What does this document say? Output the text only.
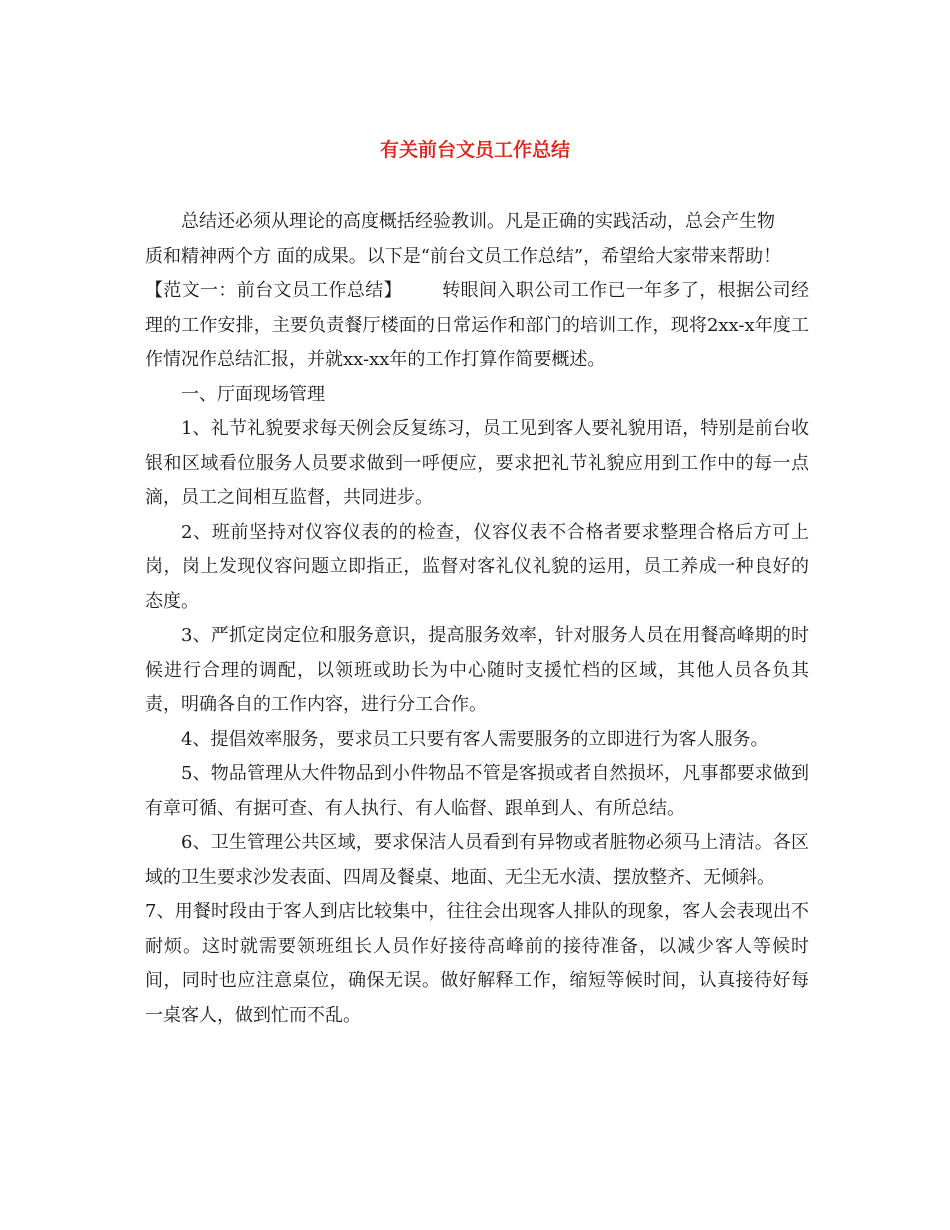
有关前台文员工作总结

总结还必须从理论的高度概括经验教训。凡是正确的实践活动，总会产生物

质和精神两个方 面的成果。以下是“前台文员工作总结”，希望给大家带来帮助！

【范文一：前台文员工作总结】 转眼间入职公司工作已一年多了，根据公司经理的工作安排，主要负责餐厅楼面的日常运作和部门的培训工作，现将2xx-x年度工作情况作总结汇报，并就xx-xx年的工作打算作简要概述。

一、厅面现场管理

1、礼节礼貌要求每天例会反复练习，员工见到客人要礼貌用语，特别是前台收银和区域看位服务人员要求做到一呼便应，要求把礼节礼貌应用到工作中的每一点滴，员工之间相互监督，共同进步。

2、班前坚持对仪容仪表的的检查，仪容仪表不合格者要求整理合格后方可上岗，岗上发现仪容问题立即指正，监督对客礼仪礼貌的运用，员工养成一种良好的态度。

3、严抓定岗定位和服务意识，提高服务效率，针对服务人员在用餐高峰期的时候进行合理的调配，以领班或助长为中心随时支援忙档的区域，其他人员各负其责，明确各自的工作内容，进行分工合作。

4、提倡效率服务，要求员工只要有客人需要服务的立即进行为客人服务。

5、物品管理从大件物品到小件物品不管是客损或者自然损坏，凡事都要求做到有章可循、有据可查、有人执行、有人临督、跟单到人、有所总结。

6、卫生管理公共区域，要求保洁人员看到有异物或者脏物必须马上清洁。各区域的卫生要求沙发表面、四周及餐桌、地面、无尘无水渍、摆放整齐、无倾斜。

7、用餐时段由于客人到店比较集中，往往会出现客人排队的现象，客人会表现出不耐烦。这时就需要领班组长人员作好接待高峰前的接待准备，以减少客人等候时间，同时也应注意桌位，确保无误。做好解释工作，缩短等候时间，认真接待好每一桌客人，做到忙而不乱。
